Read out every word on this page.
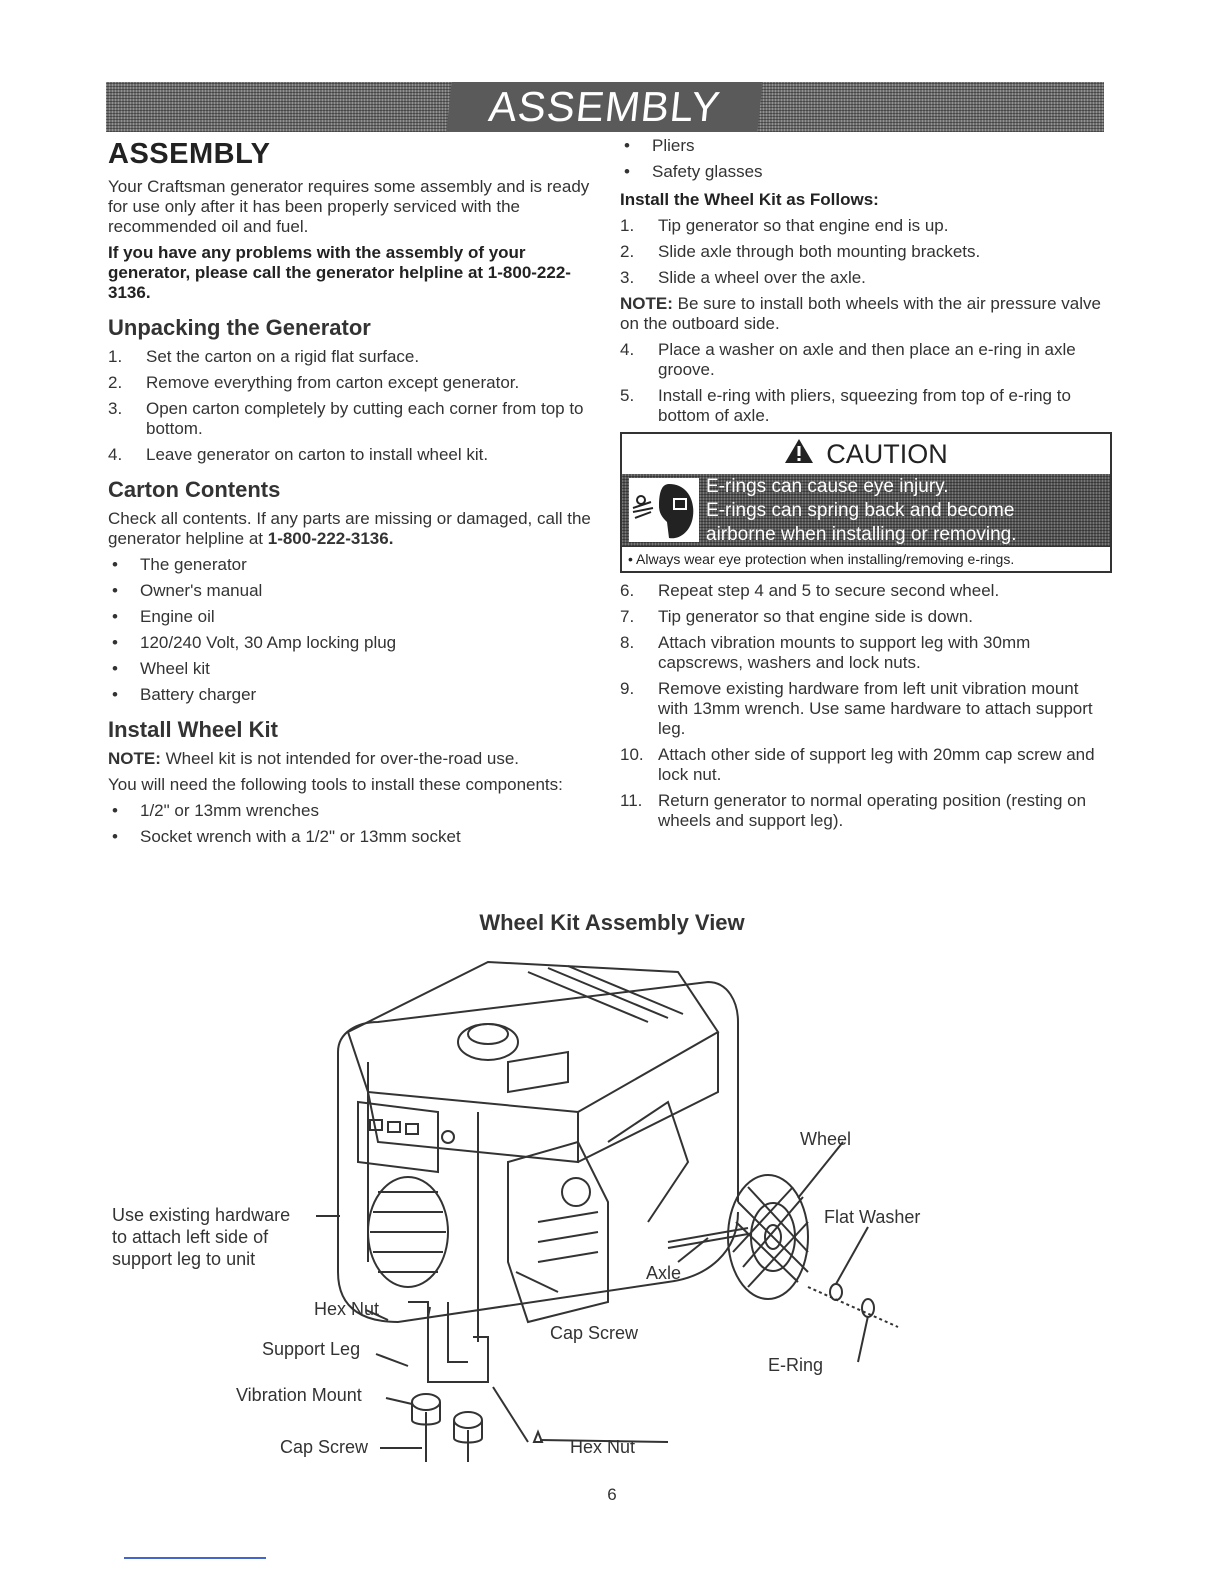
ASSEMBLY
ASSEMBLY

Your Craftsman generator requires some assembly and is ready for use only after it has been properly serviced with the recommended oil and fuel.

If you have any problems with the assembly of your generator, please call the generator helpline at 1-800-222-3136.

Unpacking the Generator
1.	Set the carton on a rigid flat surface.
2.	Remove everything from carton except generator.
3.	Open carton completely by cutting each corner from top to bottom.
4.	Leave generator on carton to install wheel kit.
Carton Contents

Check all contents. If any parts are missing or damaged, call the generator helpline at 1-800-222-3136.

•	The generator
•	Owner's manual
•	Engine oil
•	120/240 Volt, 30 Amp locking plug
•	Wheel kit
•	Battery charger
Install Wheel Kit

NOTE: Wheel kit is not intended for over-the-road use.

You will need the following tools to install these components:

•	1/2" or 13mm wrenches
•	Socket wrench with a 1/2" or 13mm socket
•	Pliers
•	Safety glasses

Install the Wheel Kit as Follows:

1.	Tip generator so that engine end is up.
2.	Slide axle through both mounting brackets.
3.	Slide a wheel over the axle.

NOTE: Be sure to install both wheels with the air pressure valve on the outboard side.

4.	Place a washer on axle and then place an e-ring in axle groove.
5.	Install e-ring with pliers, squeezing from top of e-ring to bottom of axle.
CAUTION
E-rings can cause eye injury.
E-rings can spring back and become
airborne when installing or removing.
• Always wear eye protection when installing/removing e-rings.
6.	Repeat step 4 and 5 to secure second wheel.
7.	Tip generator so that engine side is down.
8.	Attach vibration mounts to support leg with 30mm capscrews, washers and lock nuts.
9.	Remove existing hardware from left unit vibration mount with 13mm wrench. Use same hardware to attach support leg.
10. Attach other side of support leg with 20mm cap screw and lock nut.
11. Return generator to normal operating position (resting on wheels and support leg).
Wheel Kit Assembly View
Use existing hardware
to attach left side of
support leg to unit
Hex Nut
Support Leg
Vibration Mount
Cap Screw
Cap Screw
Hex Nut
Axle
Wheel
Flat Washer
E-Ring
6
